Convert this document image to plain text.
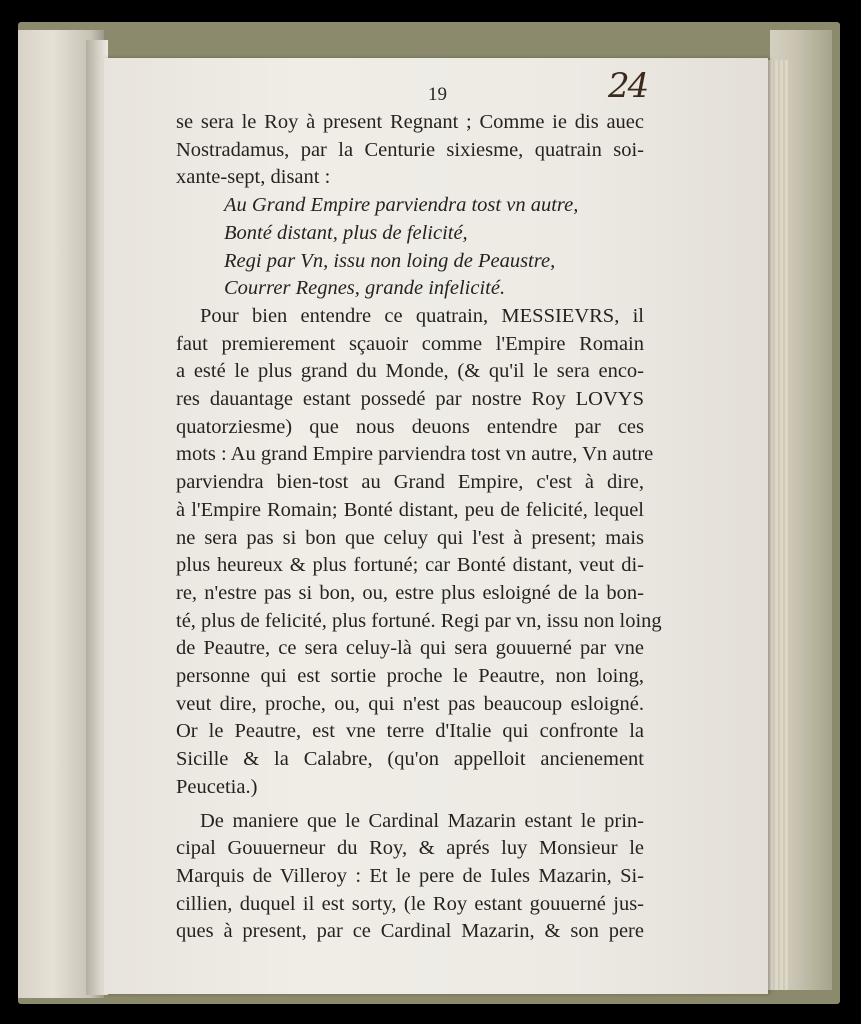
24
19
se sera le Roy à present Regnant ; Comme ie dis auec
Nostradamus, par la Centurie sixiesme, quatrain soi-
xante-sept, disant :
Au Grand Empire parviendra tost vn autre,
Bonté distant, plus de felicité,
Regi par Vn, issu non loing de Peaustre,
Courrer Regnes, grande infelicité.
Pour bien entendre ce quatrain, MESSIEVRS, il
faut premierement sçauoir comme l'Empire Romain
a esté le plus grand du Monde, (& qu'il le sera enco-
res dauantage estant possedé par nostre Roy LOVYS
quatorziesme) que nous deuons entendre par ces
mots : Au grand Empire parviendra tost vn autre, Vn autre
parviendra bien-tost au Grand Empire, c'est à dire,
à l'Empire Romain; Bonté distant, peu de felicité, lequel
ne sera pas si bon que celuy qui l'est à present; mais
plus heureux & plus fortuné; car Bonté distant, veut di-
re, n'estre pas si bon, ou, estre plus esloigné de la bon-
té, plus de felicité, plus fortuné. Regi par vn, issu non loing
de Peautre, ce sera celuy-là qui sera gouuerné par vne
personne qui est sortie proche le Peautre, non loing,
veut dire, proche, ou, qui n'est pas beaucoup esloigné.
Or le Peautre, est vne terre d'Italie qui confronte la
Sicille & la Calabre, (qu'on appelloit ancienement
Peucetia.)
De maniere que le Cardinal Mazarin estant le prin-
cipal Gouuerneur du Roy, & aprés luy Monsieur le
Marquis de Villeroy : Et le pere de Iules Mazarin, Si-
cillien, duquel il est sorty, (le Roy estant gouuerné jus-
ques à present, par ce Cardinal Mazarin, & son pere
